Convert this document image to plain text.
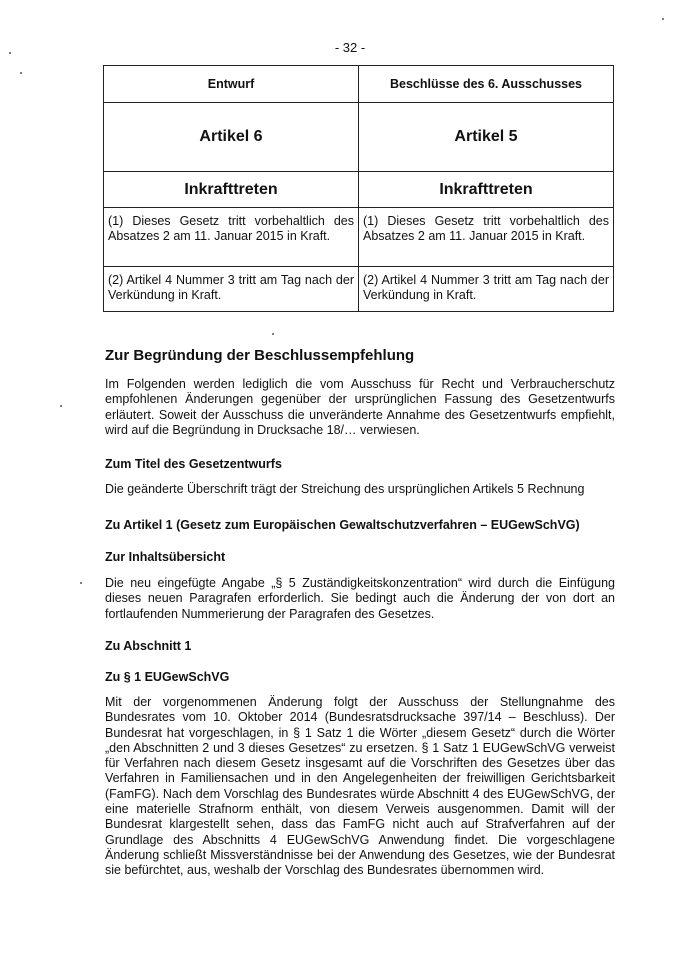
- 32 -
Entwurf	Beschlüsse des 6. Ausschusses
Artikel 6	Artikel 5
Inkrafttreten	Inkrafttreten
(1) Dieses Gesetz tritt vorbehaltlich des Absatzes 2 am 11. Januar 2015 in Kraft.	(1) Dieses Gesetz tritt vorbehaltlich des Absatzes 2 am 11. Januar 2015 in Kraft.
(2) Artikel 4 Nummer 3 tritt am Tag nach der Verkündung in Kraft.	(2) Artikel 4 Nummer 3 tritt am Tag nach der Verkündung in Kraft.
Zur Begründung der Beschlussempfehlung

Im Folgenden werden lediglich die vom Ausschuss für Recht und Verbraucherschutz empfohlenen Änderungen gegenüber der ursprünglichen Fassung des Gesetzentwurfs erläutert. Soweit der Ausschuss die unveränderte Annahme des Gesetzentwurfs empfiehlt, wird auf die Begründung in Drucksache 18/… verwiesen.

Zum Titel des Gesetzentwurfs

Die geänderte Überschrift trägt der Streichung des ursprünglichen Artikels 5 Rechnung

Zu Artikel 1 (Gesetz zum Europäischen Gewaltschutzverfahren – EUGewSchVG)
Zur Inhaltsübersicht

Die neu eingefügte Angabe „§ 5 Zuständigkeitskonzentration“ wird durch die Einfügung dieses neuen Paragrafen erforderlich. Sie bedingt auch die Änderung der von dort an fortlaufenden Nummerierung der Paragrafen des Gesetzes.

Zu Abschnitt 1
Zu § 1 EUGewSchVG

Mit der vorgenommenen Änderung folgt der Ausschuss der Stellungnahme des Bundesrates vom 10. Oktober 2014 (Bundesratsdrucksache 397/14 – Beschluss). Der Bundesrat hat vorgeschlagen, in § 1 Satz 1 die Wörter „diesem Gesetz“ durch die Wörter „den Abschnitten 2 und 3 dieses Gesetzes“ zu ersetzen. § 1 Satz 1 EUGewSchVG verweist für Verfahren nach diesem Gesetz insgesamt auf die Vorschriften des Gesetzes über das Verfahren in Familiensachen und in den Angelegenheiten der freiwilligen Gerichtsbarkeit (FamFG). Nach dem Vorschlag des Bundesrates würde Abschnitt 4 des EUGewSchVG, der eine materielle Strafnorm enthält, von diesem Verweis ausgenommen. Damit will der Bundesrat klargestellt sehen, dass das FamFG nicht auch auf Strafverfahren auf der Grundlage des Abschnitts 4 EUGewSchVG Anwendung findet. Die vorgeschlagene Änderung schließt Missverständnisse bei der Anwendung des Gesetzes, wie der Bundesrat sie befürchtet, aus, weshalb der Vorschlag des Bundesrates übernommen wird.
